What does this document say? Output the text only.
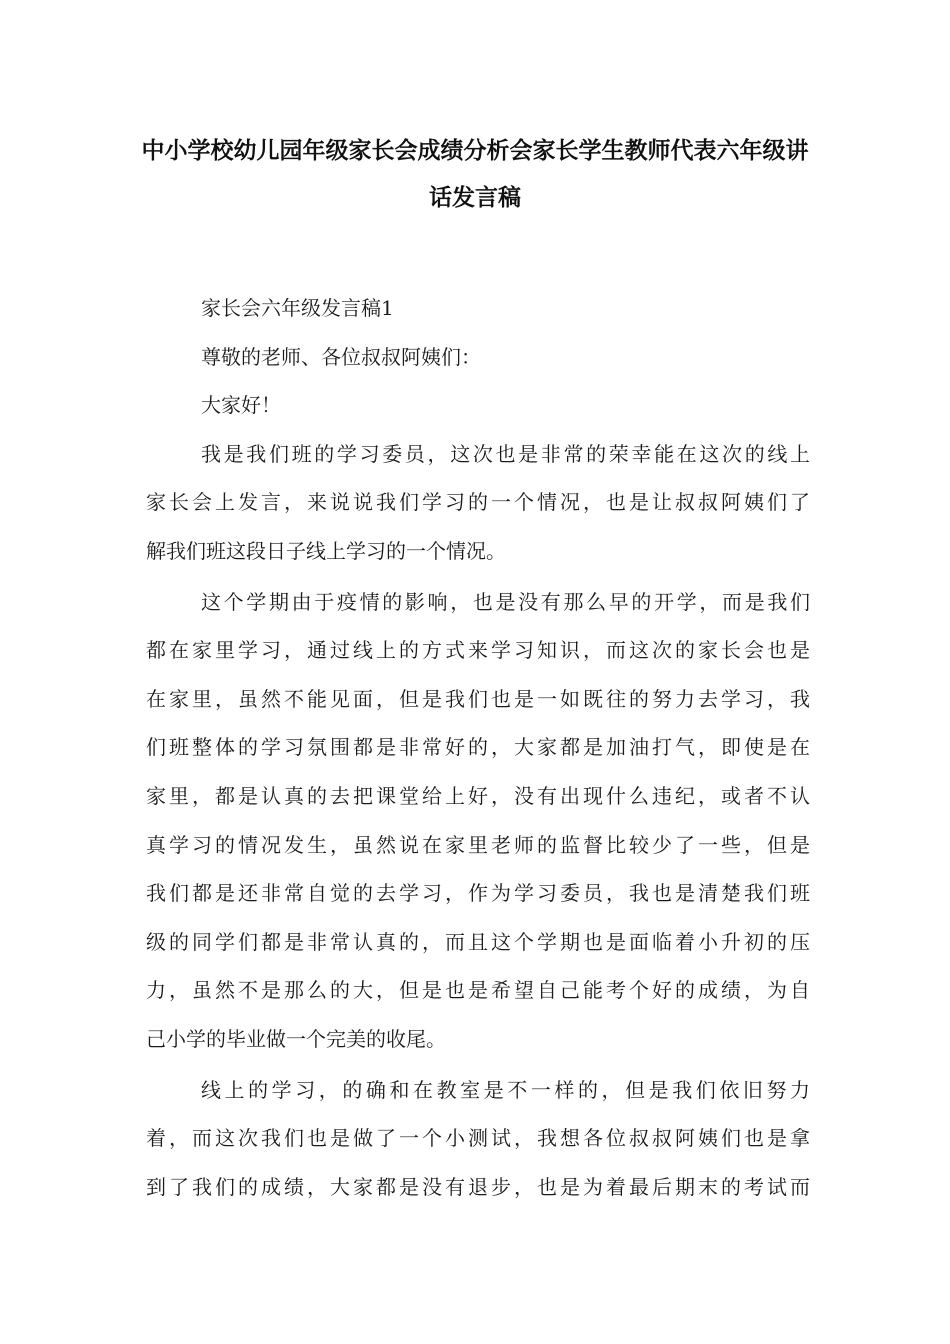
中小学校幼儿园年级家长会成绩分析会家长学生教师代表六年级讲话发言稿
家长会六年级发言稿1
尊敬的老师、各位叔叔阿姨们：
大家好！
我是我们班的学习委员，这次也是非常的荣幸能在这次的线上
家长会上发言，来说说我们学习的一个情况，也是让叔叔阿姨们了
解我们班这段日子线上学习的一个情况。
这个学期由于疫情的影响，也是没有那么早的开学，而是我们
都在家里学习，通过线上的方式来学习知识，而这次的家长会也是
在家里，虽然不能见面，但是我们也是一如既往的努力去学习，我
们班整体的学习氛围都是非常好的，大家都是加油打气，即使是在
家里，都是认真的去把课堂给上好，没有出现什么违纪，或者不认
真学习的情况发生，虽然说在家里老师的监督比较少了一些，但是
我们都是还非常自觉的去学习，作为学习委员，我也是清楚我们班
级的同学们都是非常认真的，而且这个学期也是面临着小升初的压
力，虽然不是那么的大，但是也是希望自己能考个好的成绩，为自
己小学的毕业做一个完美的收尾。
线上的学习，的确和在教室是不一样的，但是我们依旧努力
着，而这次我们也是做了一个小测试，我想各位叔叔阿姨们也是拿
到了我们的成绩，大家都是没有退步，也是为着最后期末的考试而
